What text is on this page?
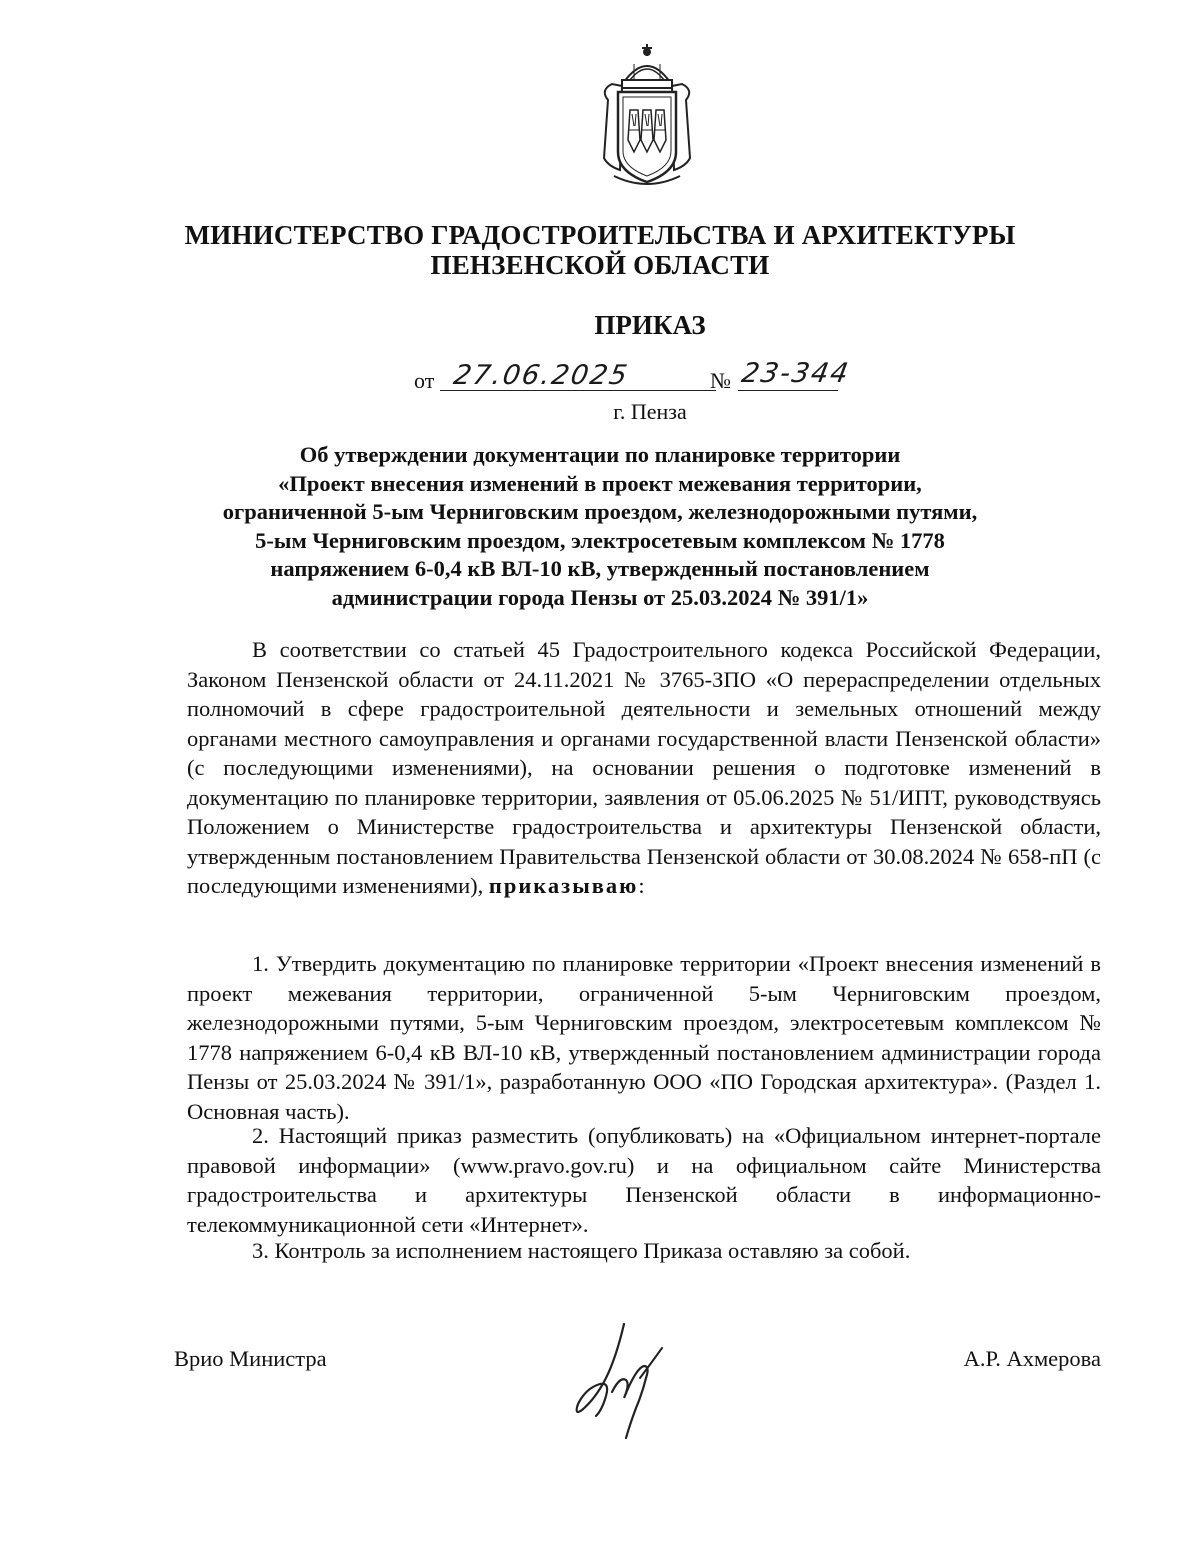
МИНИСТЕРСТВО ГРАДОСТРОИТЕЛЬСТВА И АРХИТЕКТУРЫ
ПЕНЗЕНСКОЙ ОБЛАСТИ
ПРИКАЗ
от 27.06.2025	№ 23-344
г. Пенза
Об утверждении документации по планировке территории
«Проект внесения изменений в проект межевания территории,
ограниченной 5-ым Черниговским проездом, железнодорожными путями,
5-ым Черниговским проездом, электросетевым комплексом № 1778
напряжением 6-0,4 кВ ВЛ-10 кВ, утвержденный постановлением
администрации города Пензы от 25.03.2024 № 391/1»
В соответствии со статьей 45 Градостроительного кодекса Российской Федерации, Законом Пензенской области от 24.11.2021 № 3765-ЗПО «О перераспределении отдельных полномочий в сфере градостроительной деятельности и земельных отношений между органами местного самоуправления и органами государственной власти Пензенской области» (с последующими изменениями), на основании решения о подготовке изменений в документацию по планировке территории, заявления от 05.06.2025 № 51/ИПТ, руководствуясь Положением о Министерстве градостроительства и архитектуры Пензенской области, утвержденным постановлением Правительства Пензенской области от 30.08.2024 № 658-пП (с последующими изменениями), приказываю:
1. Утвердить документацию по планировке территории «Проект внесения изменений в проект межевания территории, ограниченной 5-ым Черниговским проездом, железнодорожными путями, 5-ым Черниговским проездом, электросетевым комплексом № 1778 напряжением 6-0,4 кВ ВЛ-10 кВ, утвержденный постановлением администрации города Пензы от 25.03.2024 № 391/1», разработанную ООО «ПО Городская архитектура». (Раздел 1. Основная часть).
2. Настоящий приказ разместить (опубликовать) на «Официальном интернет-портале правовой информации» (www.pravo.gov.ru) и на официальном сайте Министерства градостроительства и архитектуры Пензенской области в информационно-телекоммуникационной сети «Интернет».
3. Контроль за исполнением настоящего Приказа оставляю за собой.
Врио Министра	А.Р. Ахмерова
